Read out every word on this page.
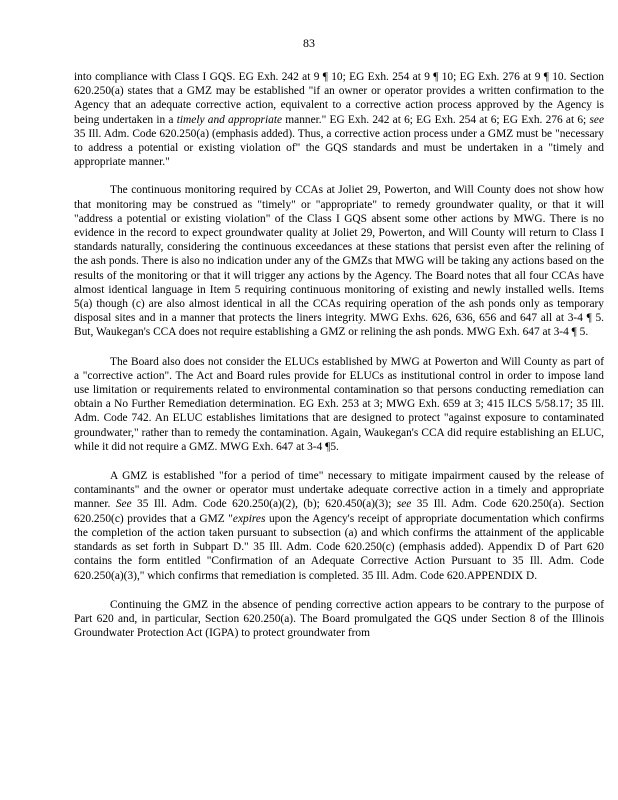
83

into compliance with Class I GQS. EG Exh. 242 at 9 ¶ 10; EG Exh. 254 at 9 ¶ 10; EG Exh. 276 at 9 ¶ 10. Section 620.250(a) states that a GMZ may be established "if an owner or operator provides a written confirmation to the Agency that an adequate corrective action, equivalent to a corrective action process approved by the Agency is being undertaken in a timely and appropriate manner." EG Exh. 242 at 6; EG Exh. 254 at 6; EG Exh. 276 at 6; see 35 Ill. Adm. Code 620.250(a) (emphasis added). Thus, a corrective action process under a GMZ must be "necessary to address a potential or existing violation of" the GQS standards and must be undertaken in a "timely and appropriate manner."

The continuous monitoring required by CCAs at Joliet 29, Powerton, and Will County does not show how that monitoring may be construed as "timely" or "appropriate" to remedy groundwater quality, or that it will "address a potential or existing violation" of the Class I GQS absent some other actions by MWG. There is no evidence in the record to expect groundwater quality at Joliet 29, Powerton, and Will County will return to Class I standards naturally, considering the continuous exceedances at these stations that persist even after the relining of the ash ponds. There is also no indication under any of the GMZs that MWG will be taking any actions based on the results of the monitoring or that it will trigger any actions by the Agency. The Board notes that all four CCAs have almost identical language in Item 5 requiring continuous monitoring of existing and newly installed wells. Items 5(a) though (c) are also almost identical in all the CCAs requiring operation of the ash ponds only as temporary disposal sites and in a manner that protects the liners integrity. MWG Exhs. 626, 636, 656 and 647 all at 3-4 ¶ 5. But, Waukegan's CCA does not require establishing a GMZ or relining the ash ponds. MWG Exh. 647 at 3-4 ¶ 5.

The Board also does not consider the ELUCs established by MWG at Powerton and Will County as part of a "corrective action". The Act and Board rules provide for ELUCs as institutional control in order to impose land use limitation or requirements related to environmental contamination so that persons conducting remediation can obtain a No Further Remediation determination. EG Exh. 253 at 3; MWG Exh. 659 at 3; 415 ILCS 5/58.17; 35 Ill. Adm. Code 742. An ELUC establishes limitations that are designed to protect "against exposure to contaminated groundwater," rather than to remedy the contamination. Again, Waukegan's CCA did require establishing an ELUC, while it did not require a GMZ. MWG Exh. 647 at 3-4 ¶5.

A GMZ is established "for a period of time" necessary to mitigate impairment caused by the release of contaminants" and the owner or operator must undertake adequate corrective action in a timely and appropriate manner. See 35 Ill. Adm. Code 620.250(a)(2), (b); 620.450(a)(3); see 35 Ill. Adm. Code 620.250(a). Section 620.250(c) provides that a GMZ "expires upon the Agency's receipt of appropriate documentation which confirms the completion of the action taken pursuant to subsection (a) and which confirms the attainment of the applicable standards as set forth in Subpart D." 35 Ill. Adm. Code 620.250(c) (emphasis added). Appendix D of Part 620 contains the form entitled "Confirmation of an Adequate Corrective Action Pursuant to 35 Ill. Adm. Code 620.250(a)(3)," which confirms that remediation is completed. 35 Ill. Adm. Code 620.APPENDIX D.

Continuing the GMZ in the absence of pending corrective action appears to be contrary to the purpose of Part 620 and, in particular, Section 620.250(a). The Board promulgated the GQS under Section 8 of the Illinois Groundwater Protection Act (IGPA) to protect groundwater from
